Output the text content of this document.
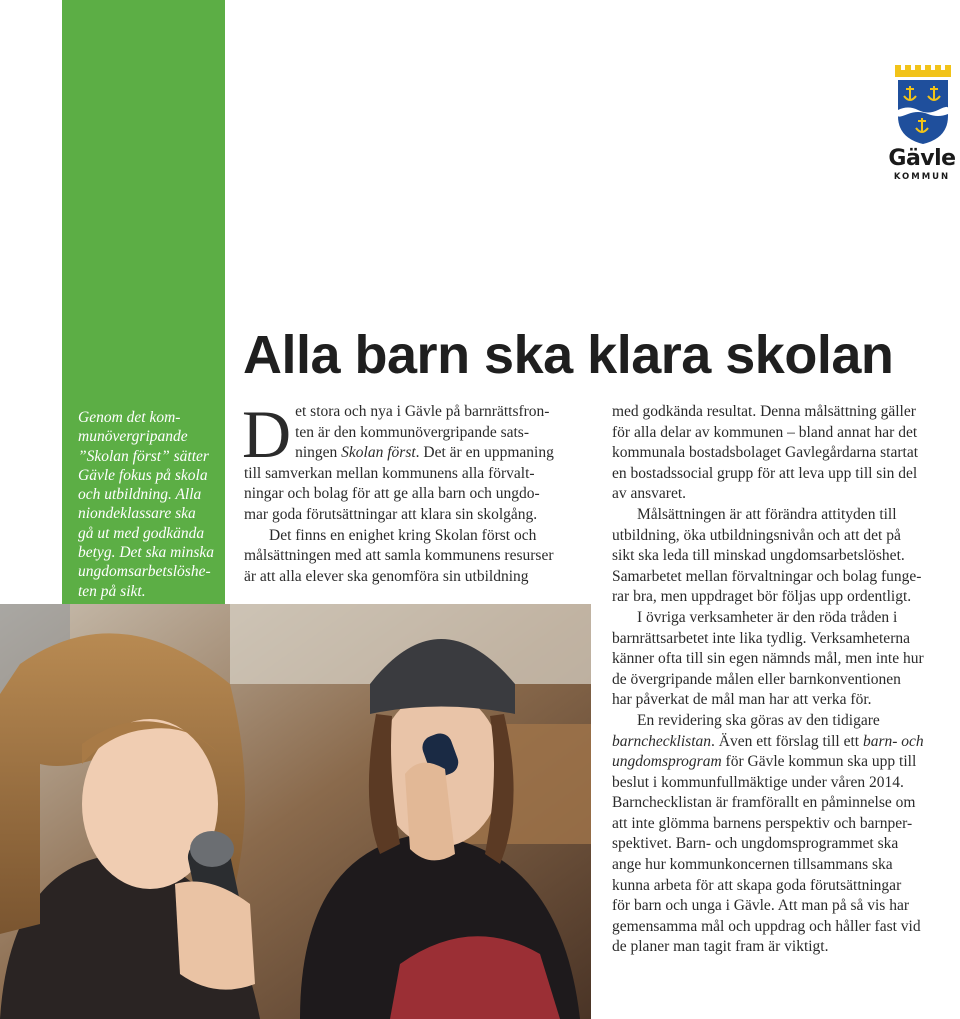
Genom det kom-
munövergripande
”Skolan först” sätter
Gävle fokus på skola
och utbildning. Alla
niondeklassare ska
gå ut med godkända
betyg. Det ska minska
ungdomsarbetslöshe-
ten på sikt.
Gävle
KOMMUN
Alla barn ska klara skolan
D et stora och nya i Gävle på barnrättsfron-
ten är den kommunövergripande sats-
ningen Skolan först. Det är en uppmaning
till samverkan mellan kommunens alla förvalt-
ningar och bolag för att ge alla barn och ungdo-
mar goda förutsättningar att klara sin skolgång.
Det finns en enighet kring Skolan först och
målsättningen med att samla kommunens resurser
är att alla elever ska genomföra sin utbildning
med godkända resultat. Denna målsättning gäller
för alla delar av kommunen – bland annat har det
kommunala bostadsbolaget Gavlegårdarna startat
en bostadssocial grupp för att leva upp till sin del
av ansvaret.
Målsättningen är att förändra attityden till
utbildning, öka utbildningsnivån och att det på
sikt ska leda till minskad ungdomsarbetslöshet.
Samarbetet mellan förvaltningar och bolag funge-
rar bra, men uppdraget bör följas upp ordentligt.
I övriga verksamheter är den röda tråden i
barnrättsarbetet inte lika tydlig. Verksamheterna
känner ofta till sin egen nämnds mål, men inte hur
de övergripande målen eller barnkonventionen
har påverkat de mål man har att verka för.
En revidering ska göras av den tidigare
barnchecklistan. Även ett förslag till ett barn- och
ungdomsprogram för Gävle kommun ska upp till
beslut i kommunfullmäktige under våren 2014.
Barnchecklistan är framförallt en påminnelse om
att inte glömma barnens perspektiv och barnper-
spektivet. Barn- och ungdomsprogrammet ska
ange hur kommunkoncernen tillsammans ska
kunna arbeta för att skapa goda förutsättningar
för barn och unga i Gävle. Att man på så vis har
gemensamma mål och uppdrag och håller fast vid
de planer man tagit fram är viktigt.
